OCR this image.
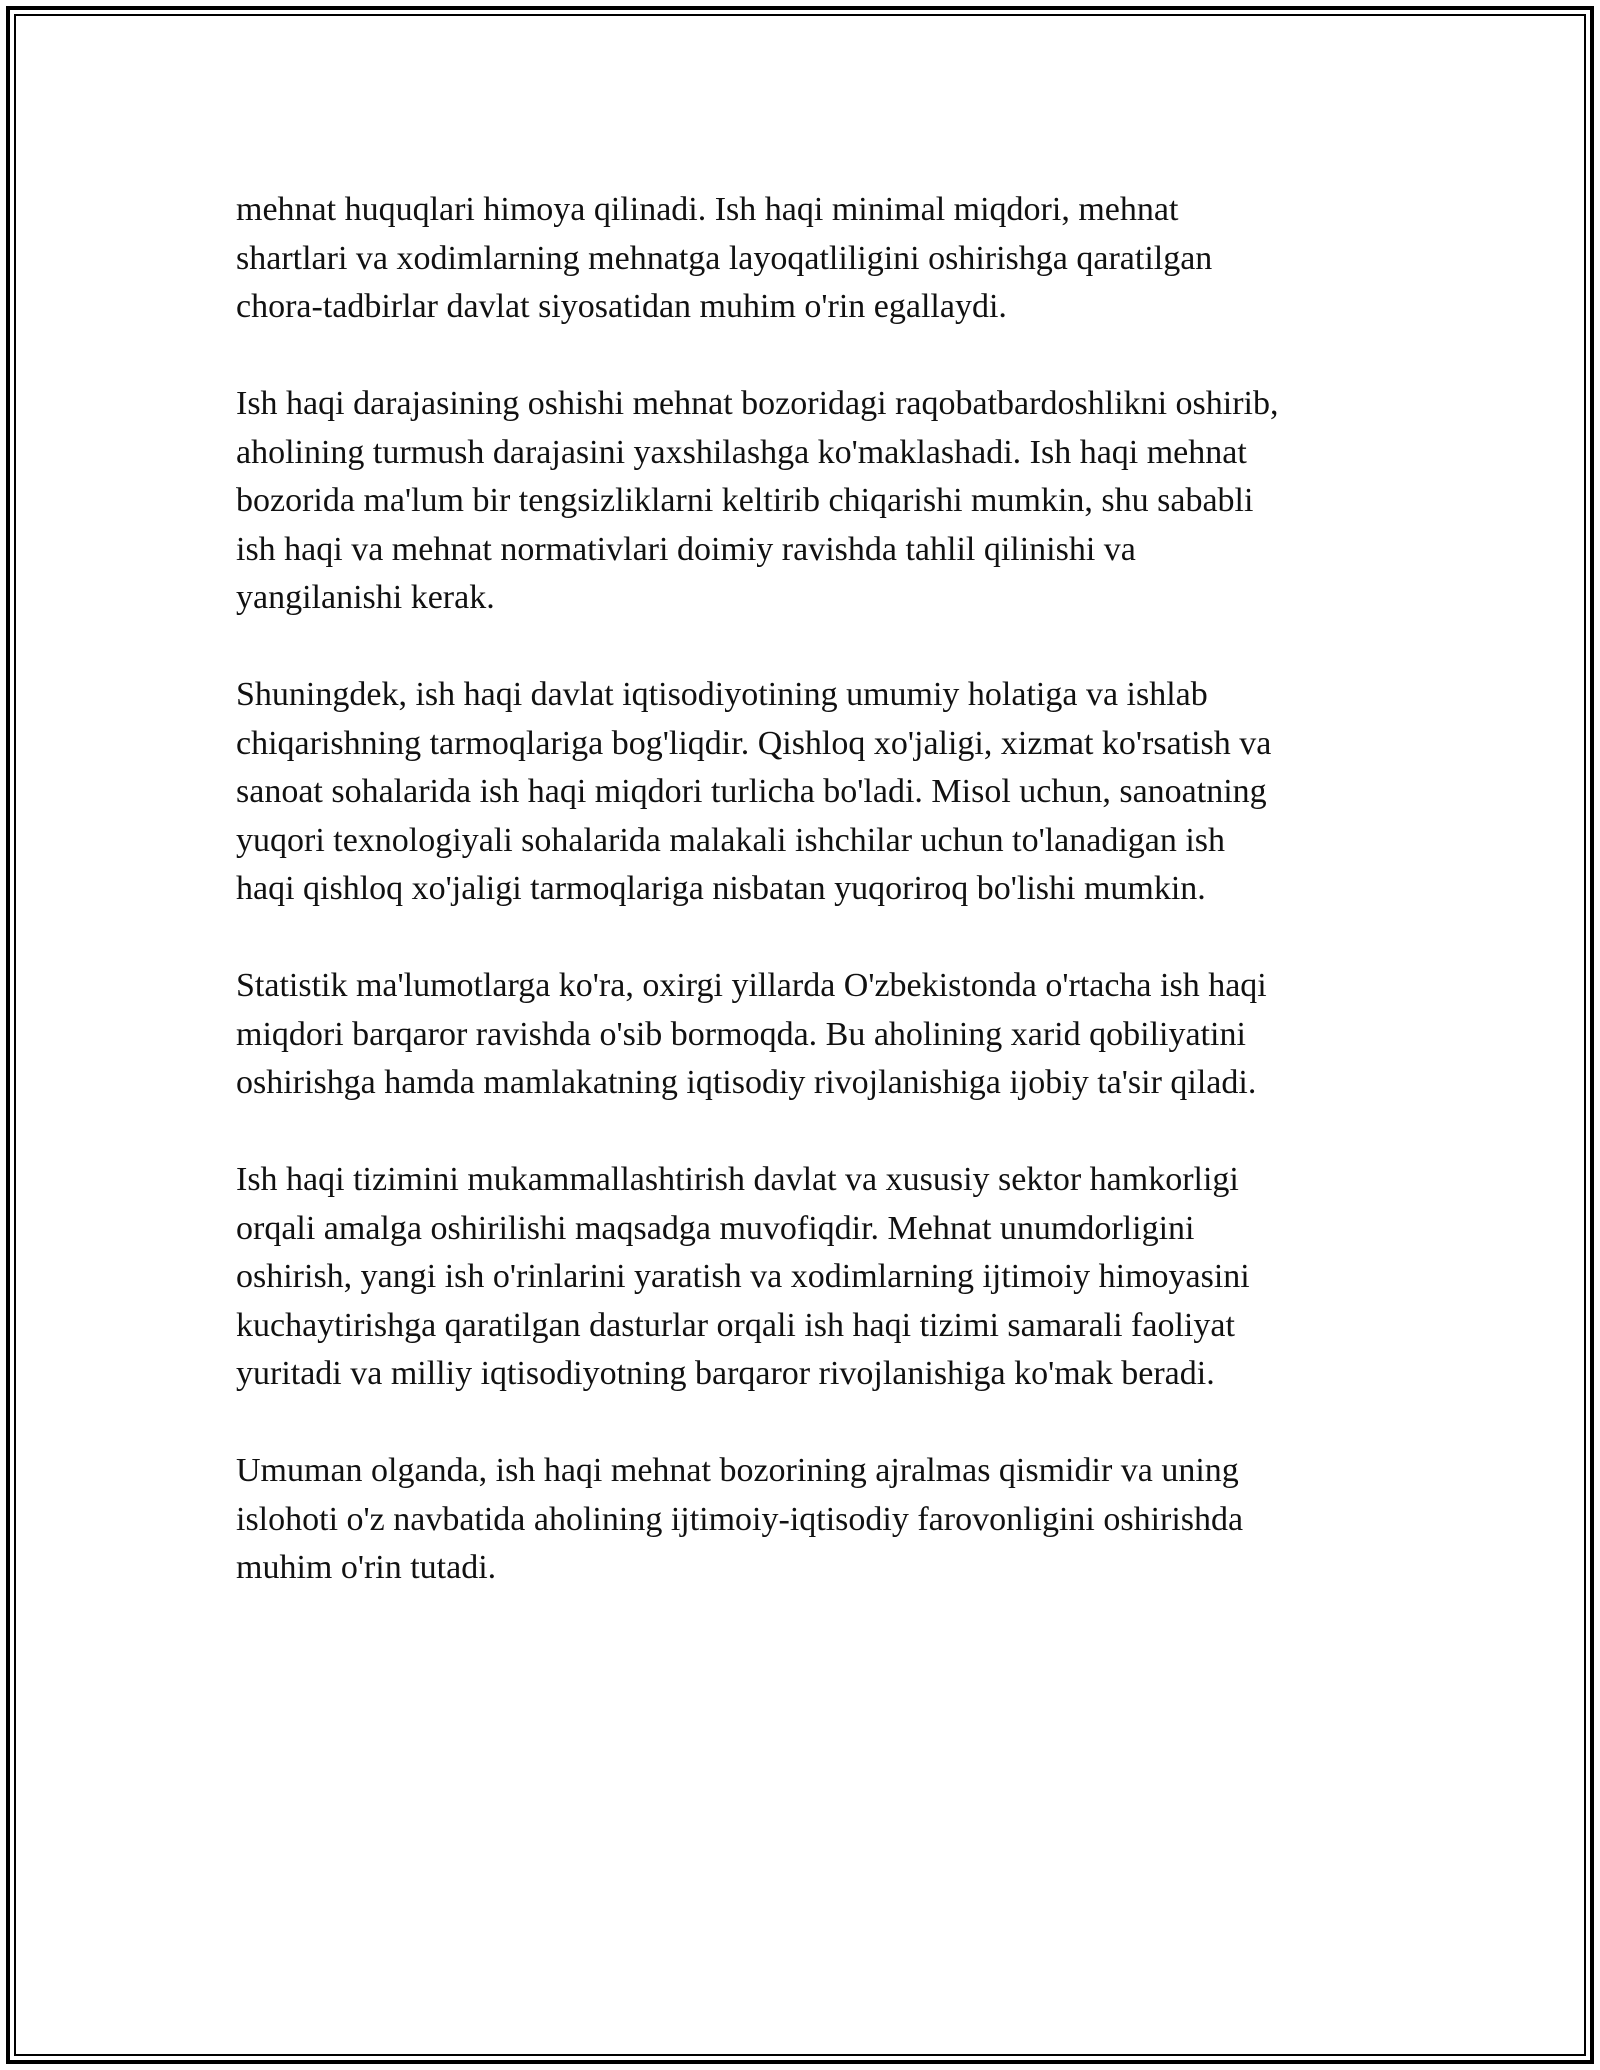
mehnat huquqlari himoya qilinadi. Ish haqi minimal miqdori, mehnat
shartlari va xodimlarning mehnatga layoqatliligini oshirishga qaratilgan
chora-tadbirlar davlat siyosatidan muhim o'rin egallaydi.

Ish haqi darajasining oshishi mehnat bozoridagi raqobatbardoshlikni oshirib,
aholining turmush darajasini yaxshilashga ko'maklashadi. Ish haqi mehnat
bozorida ma'lum bir tengsizliklarni keltirib chiqarishi mumkin, shu sababli
ish haqi va mehnat normativlari doimiy ravishda tahlil qilinishi va
yangilanishi kerak.

Shuningdek, ish haqi davlat iqtisodiyotining umumiy holatiga va ishlab
chiqarishning tarmoqlariga bog'liqdir. Qishloq xo'jaligi, xizmat ko'rsatish va
sanoat sohalarida ish haqi miqdori turlicha bo'ladi. Misol uchun, sanoatning
yuqori texnologiyali sohalarida malakali ishchilar uchun to'lanadigan ish
haqi qishloq xo'jaligi tarmoqlariga nisbatan yuqoriroq bo'lishi mumkin.

Statistik ma'lumotlarga ko'ra, oxirgi yillarda O'zbekistonda o'rtacha ish haqi
miqdori barqaror ravishda o'sib bormoqda. Bu aholining xarid qobiliyatini
oshirishga hamda mamlakatning iqtisodiy rivojlanishiga ijobiy ta'sir qiladi.

Ish haqi tizimini mukammallashtirish davlat va xususiy sektor hamkorligi
orqali amalga oshirilishi maqsadga muvofiqdir. Mehnat unumdorligini
oshirish, yangi ish o'rinlarini yaratish va xodimlarning ijtimoiy himoyasini
kuchaytirishga qaratilgan dasturlar orqali ish haqi tizimi samarali faoliyat
yuritadi va milliy iqtisodiyotning barqaror rivojlanishiga ko'mak beradi.

Umuman olganda, ish haqi mehnat bozorining ajralmas qismidir va uning
islohoti o'z navbatida aholining ijtimoiy-iqtisodiy farovonligini oshirishda
muhim o'rin tutadi.
